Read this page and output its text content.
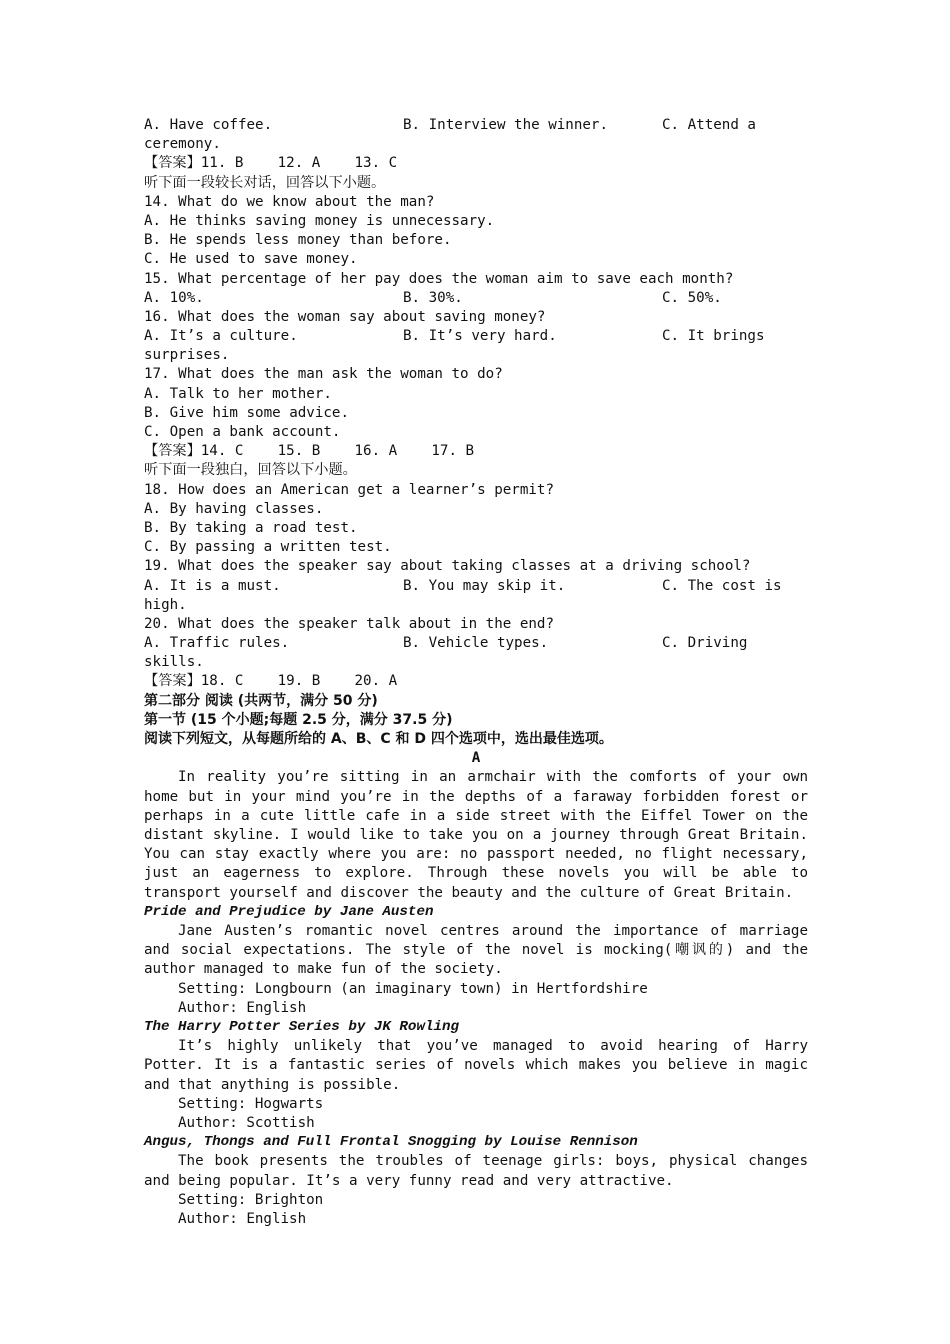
A. Have coffee.	B. Interview the winner.	C. Attend a
ceremony.
【答案】11. B    12. A    13. C
听下面一段较长对话，回答以下小题。
14. What do we know about the man?
A. He thinks saving money is unnecessary.
B. He spends less money than before.
C. He used to save money.
15. What percentage of her pay does the woman aim to save each month?
A. 10%.	B. 30%.	C. 50%.
16. What does the woman say about saving money?
A. It’s a culture.	B. It’s very hard.	C. It brings
surprises.
17. What does the man ask the woman to do?
A. Talk to her mother.
B. Give him some advice.
C. Open a bank account.
【答案】14. C    15. B    16. A    17. B
听下面一段独白，回答以下小题。
18. How does an American get a learner’s permit?
A. By having classes.
B. By taking a road test.
C. By passing a written test.
19. What does the speaker say about taking classes at a driving school?
A. It is a must.	B. You may skip it.	C. The cost is
high.
20. What does the speaker talk about in the end?
A. Traffic rules.	B. Vehicle types.	C. Driving
skills.
【答案】18. C    19. B    20. A
第二部分 阅读 (共两节，满分 50 分)
第一节 (15 个小题;每题 2.5 分，满分 37.5 分)
阅读下列短文，从每题所给的 A、B、C 和 D 四个选项中，选出最佳选项。
A
In reality you’re sitting in an armchair with the comforts of your own home but in your mind you’re in the depths of a faraway forbidden forest or perhaps in a cute little cafe in a side street with the Eiffel Tower on the distant skyline. I would like to take you on a journey through Great Britain. You can stay exactly where you are: no passport needed, no flight necessary, just an eagerness to explore. Through these novels you will be able to transport yourself and discover the beauty and the culture of Great Britain.
Pride and Prejudice by Jane Austen
Jane Austen’s romantic novel centres around the importance of marriage and social expectations. The style of the novel is mocking(嘲讽的) and the author managed to make fun of the society.
Setting: Longbourn (an imaginary town) in Hertfordshire
Author: English
The Harry Potter Series by JK Rowling
It’s highly unlikely that you’ve managed to avoid hearing of Harry Potter. It is a fantastic series of novels which makes you believe in magic and that anything is possible.
Setting: Hogwarts
Author: Scottish
Angus, Thongs and Full Frontal Snogging by Louise Rennison
The book presents the troubles of teenage girls: boys, physical changes and being popular. It’s a very funny read and very attractive.
Setting: Brighton
Author: English
